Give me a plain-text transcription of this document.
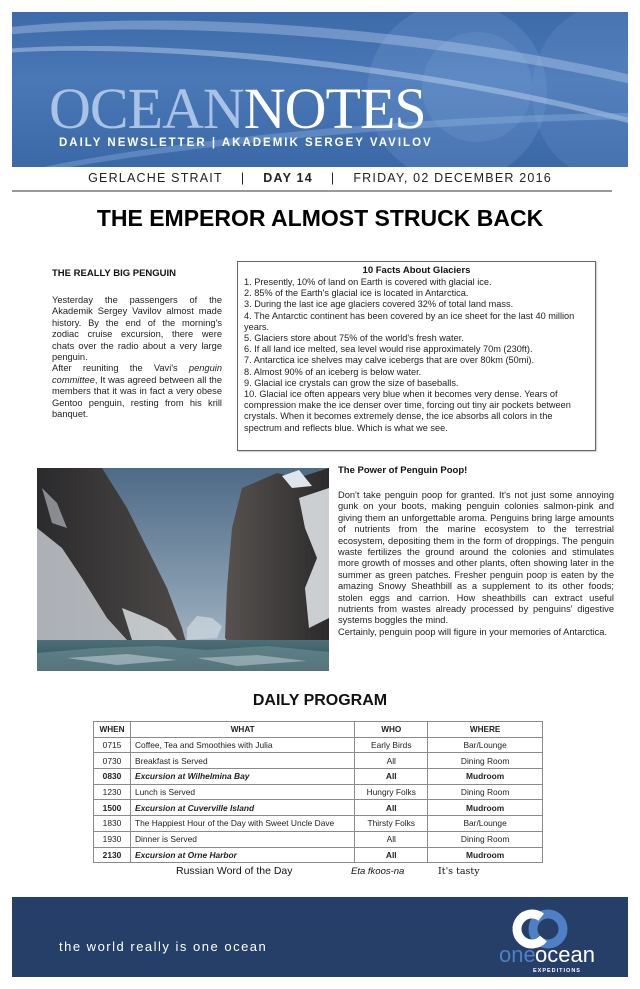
OCEANNOTES
DAILY NEWSLETTER | AKADEMIK SERGEY VAVILOV
GERLACHE STRAIT | DAY 14 | FRIDAY, 02 DECEMBER 2016
THE EMPEROR ALMOST STRUCK BACK
THE REALLY BIG PENGUIN

Yesterday the passengers of the Akademik Sergey Vavilov almost made history. By the end of the morning's zodiac cruise excursion, there were chats over the radio about a very large penguin.

After reuniting the Vavi's penguin committee, It was agreed between all the members that it was in fact a very obese Gentoo penguin, resting from his krill banquet.

10 Facts About Glaciers
1. Presently, 10% of land on Earth is covered with glacial ice.
2. 85% of the Earth's glacial ice is located in Antarctica.
3. During the last ice age glaciers covered 32% of total land mass.
4. The Antarctic continent has been covered by an ice sheet for the last 40 million years.
5. Glaciers store about 75% of the world's fresh water.
6. If all land ice melted, sea level would rise approximately 70m (230ft).
7. Antarctica ice shelves may calve icebergs that are over 80km (50mi).
8. Almost 90% of an iceberg is below water.
9. Glacial ice crystals can grow the size of baseballs.
10. Glacial ice often appears very blue when it becomes very dense. Years of compression make the ice denser over time, forcing out tiny air pockets between crystals. When it becomes extremely dense, the ice absorbs all colors in the spectrum and reflects blue. Which is what we see.
The Power of Penguin Poop!

Don't take penguin poop for granted. It's not just some annoying gunk on your boots, making penguin colonies salmon-pink and giving them an unforgettable aroma. Penguins bring large amounts of nutrients from the marine ecosystem to the terrestrial ecosystem, depositing them in the form of droppings. The penguin waste fertilizes the ground around the colonies and stimulates more growth of mosses and other plants, often showing later in the summer as green patches. Fresher penguin poop is eaten by the amazing Snowy Sheathbill as a supplement to its other foods; stolen eggs and carrion. How sheathbills can extract useful nutrients from wastes already processed by penguins' digestive systems boggles the mind.

Certainly, penguin poop will figure in your memories of Antarctica.

DAILY PROGRAM
WHEN	WHAT	WHO	WHERE
0715	Coffee, Tea and Smoothies with Julia	Early Birds	Bar/Lounge
0730	Breakfast is Served	All	Dining Room
0830	Excursion at Wilhelmina Bay	All	Mudroom
1230	Lunch is Served	Hungry Folks	Dining Room
1500	Excursion at Cuverville Island	All	Mudroom
1830	The Happiest Hour of the Day with Sweet Uncle Dave	Thirsty Folks	Bar/Lounge
1930	Dinner is Served	All	Dining Room
2130	Excursion at Orne Harbor	All	Mudroom
Russian Word of the Day	Eta fkoos-na	It's tasty
the world really is one ocean	one ocean
EXPEDITIONS
